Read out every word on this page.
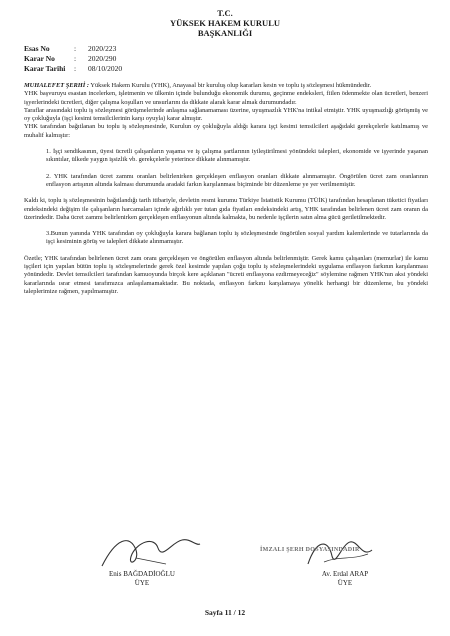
T.C.
YÜKSEK HAKEM KURULU
BAŞKANLIĞI
Esas No	:	2020/223
Karar No	:	2020/290
Karar Tarihi	:	08/10/2020

MUHALEFET ŞERHİ : Yüksek Hakem Kurulu (YHK), Anayasal bir kuruluş olup kararları kesin ve toplu iş sözleşmesi hükmündedir.

YHK başvuruyu esastan incelerken, işletmenin ve ülkenin içinde bulunduğu ekonomik durumu, geçinme endeksleri, fiilen ödenmekte olan ücretleri, benzeri işyerlerindeki ücretleri, diğer çalışma koşulları ve unsurlarını da dikkate alarak karar almak durumundadır.

Taraflar arasındaki toplu iş sözleşmesi görüşmelerinde anlaşma sağlanamaması üzerine, uyuşmazlık YHK'na intikal etmiştir. YHK uyuşmazlığı görüşmüş ve oy çokluğuyla (işçi kesimi temsilcilerinin karşı oyuyla) karar almıştır.

YHK tarafından bağıtlanan bu toplu iş sözleşmesinde, Kurulun oy çokluğuyla aldığı karara işçi kesimi temsilcileri aşağıdaki gerekçelerle katılmamış ve muhalif kalmıştır:

1. İşçi sendikasının, üyesi ücretli çalışanların yaşama ve iş çalışma şartlarının iyileştirilmesi yönündeki talepleri, ekonomide ve işyerinde yaşanan sıkıntılar, ülkede yaygın işsizlik vb. gerekçelerle yeterince dikkate alınmamıştır.

2. YHK tarafından ücret zammı oranları belirlenirken gerçekleşen enflasyon oranları dikkate alınmamıştır. Öngörülen ücret zam oranlarının enflasyon artışının altında kalması durumunda aradaki farkın karşılanması biçiminde bir düzenleme ye yer verilmemiştir.

Kaldı ki, toplu iş sözleşmesinin bağıtlandığı tarih itibariyle, devletin resmi kurumu Türkiye İstatistik Kurumu (TÜİK) tarafından hesaplanan tüketici fiyatları endeksindeki değişim ile çalışanların harcamaları içinde ağırlıklı yer tutan gıda fiyatları endeksindeki artış, YHK tarafından belirlenen ücret zam oranın da üzerindedir. Daha ücret zammı belirlenirken gerçekleşen enflasyonun altında kalmakta, bu nedenle işçilerin satın alma gücü geriletilmektedir.

3.Bunun yanında YHK tarafından oy çokluğuyla karara bağlanan toplu iş sözleşmesinde öngörülen sosyal yardım kalemlerinde ve tutarlarında da işçi kesiminin görüş ve talepleri dikkate alınmamıştır.

Özetle; YHK tarafından belirlenen ücret zam oranı gerçekleşen ve öngörülen enflasyon altında belirlenmiştir. Gerek kamu çalışanları (memurlar) ile kamu işçileri için yapılan bütün toplu iş sözleşmelerinde gerek özel kesimde yapılan çoğu toplu iş sözleşmelerindeki uygulama enflasyon farkının karşılanması yönündedir. Devlet temsilcileri tarafından kamuoyunda birçok kere açıklanan "ücreti enflasyona ezdirmeyeceğiz" söylemine rağmen YHK'nın aksi yöndeki kararlarında ısrar etmesi tarafımızca anlaşılamamaktadır. Bu noktada, enflasyon farkını karşılamaya yönelik herhangi bir düzenleme, bu yöndeki taleplerimize rağmen, yapılmamıştır.

İMZALI ŞERH DOSYASINDADIR
Enis BAĞDADİOĞLU
ÜYE
Av. Erdal ARAP
ÜYE
Sayfa 11 / 12
